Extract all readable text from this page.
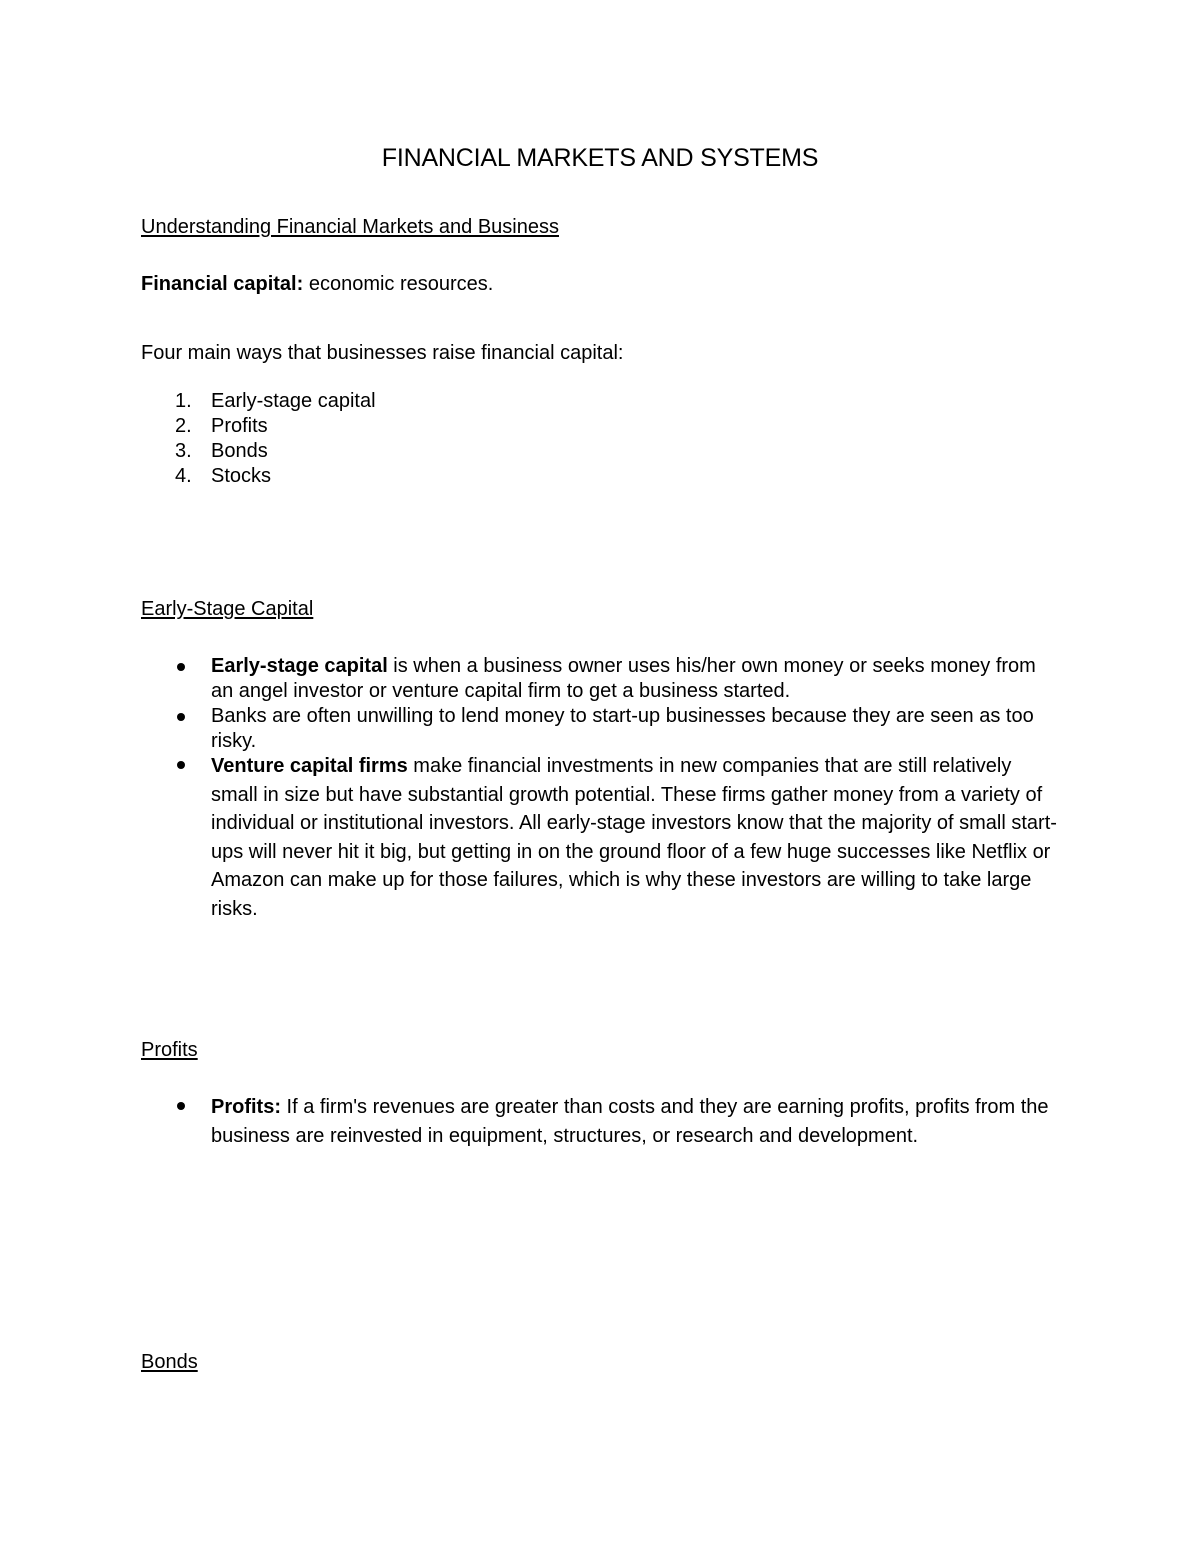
FINANCIAL MARKETS AND SYSTEMS
Understanding Financial Markets and Business
Financial capital: economic resources.
Four main ways that businesses raise financial capital:
1. Early-stage capital
2. Profits
3. Bonds
4. Stocks
Early-Stage Capital
Early-stage capital is when a business owner uses his/her own money or seeks money from an angel investor or venture capital firm to get a business started.
Banks are often unwilling to lend money to start-up businesses because they are seen as too risky.
Venture capital firms make financial investments in new companies that are still relatively small in size but have substantial growth potential. These firms gather money from a variety of individual or institutional investors. All early-stage investors know that the majority of small start-ups will never hit it big, but getting in on the ground floor of a few huge successes like Netflix or Amazon can make up for those failures, which is why these investors are willing to take large risks.
Profits
Profits: If a firm's revenues are greater than costs and they are earning profits, profits from the business are reinvested in equipment, structures, or research and development.
Bonds
